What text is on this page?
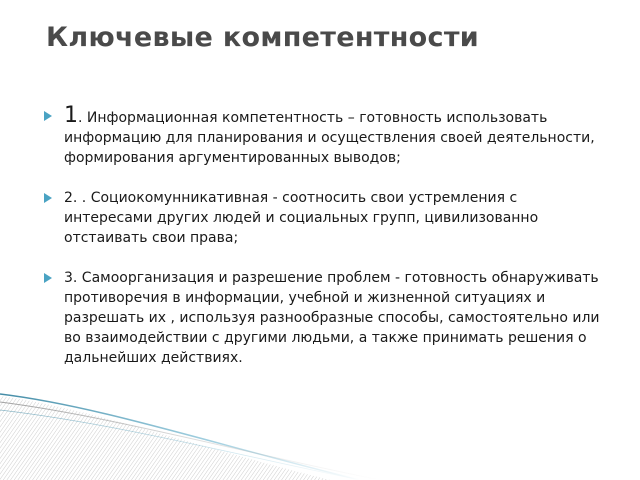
Ключевые компетентности
1. Информационная компетентность – готовность использовать информацию для планирования и осуществления своей деятельности, формирования аргументированных выводов;
2. . Социокомунникативная - соотносить свои устремления с интересами других людей и социальных групп, цивилизованно отстаивать свои права;
3. Самоорганизация и разрешение проблем - готовность обнаруживать противоречия в информации, учебной и жизненной ситуациях и разрешать их , используя разнообразные способы, самостоятельно или во взаимодействии с другими людьми, а также принимать решения о дальнейших действиях.
